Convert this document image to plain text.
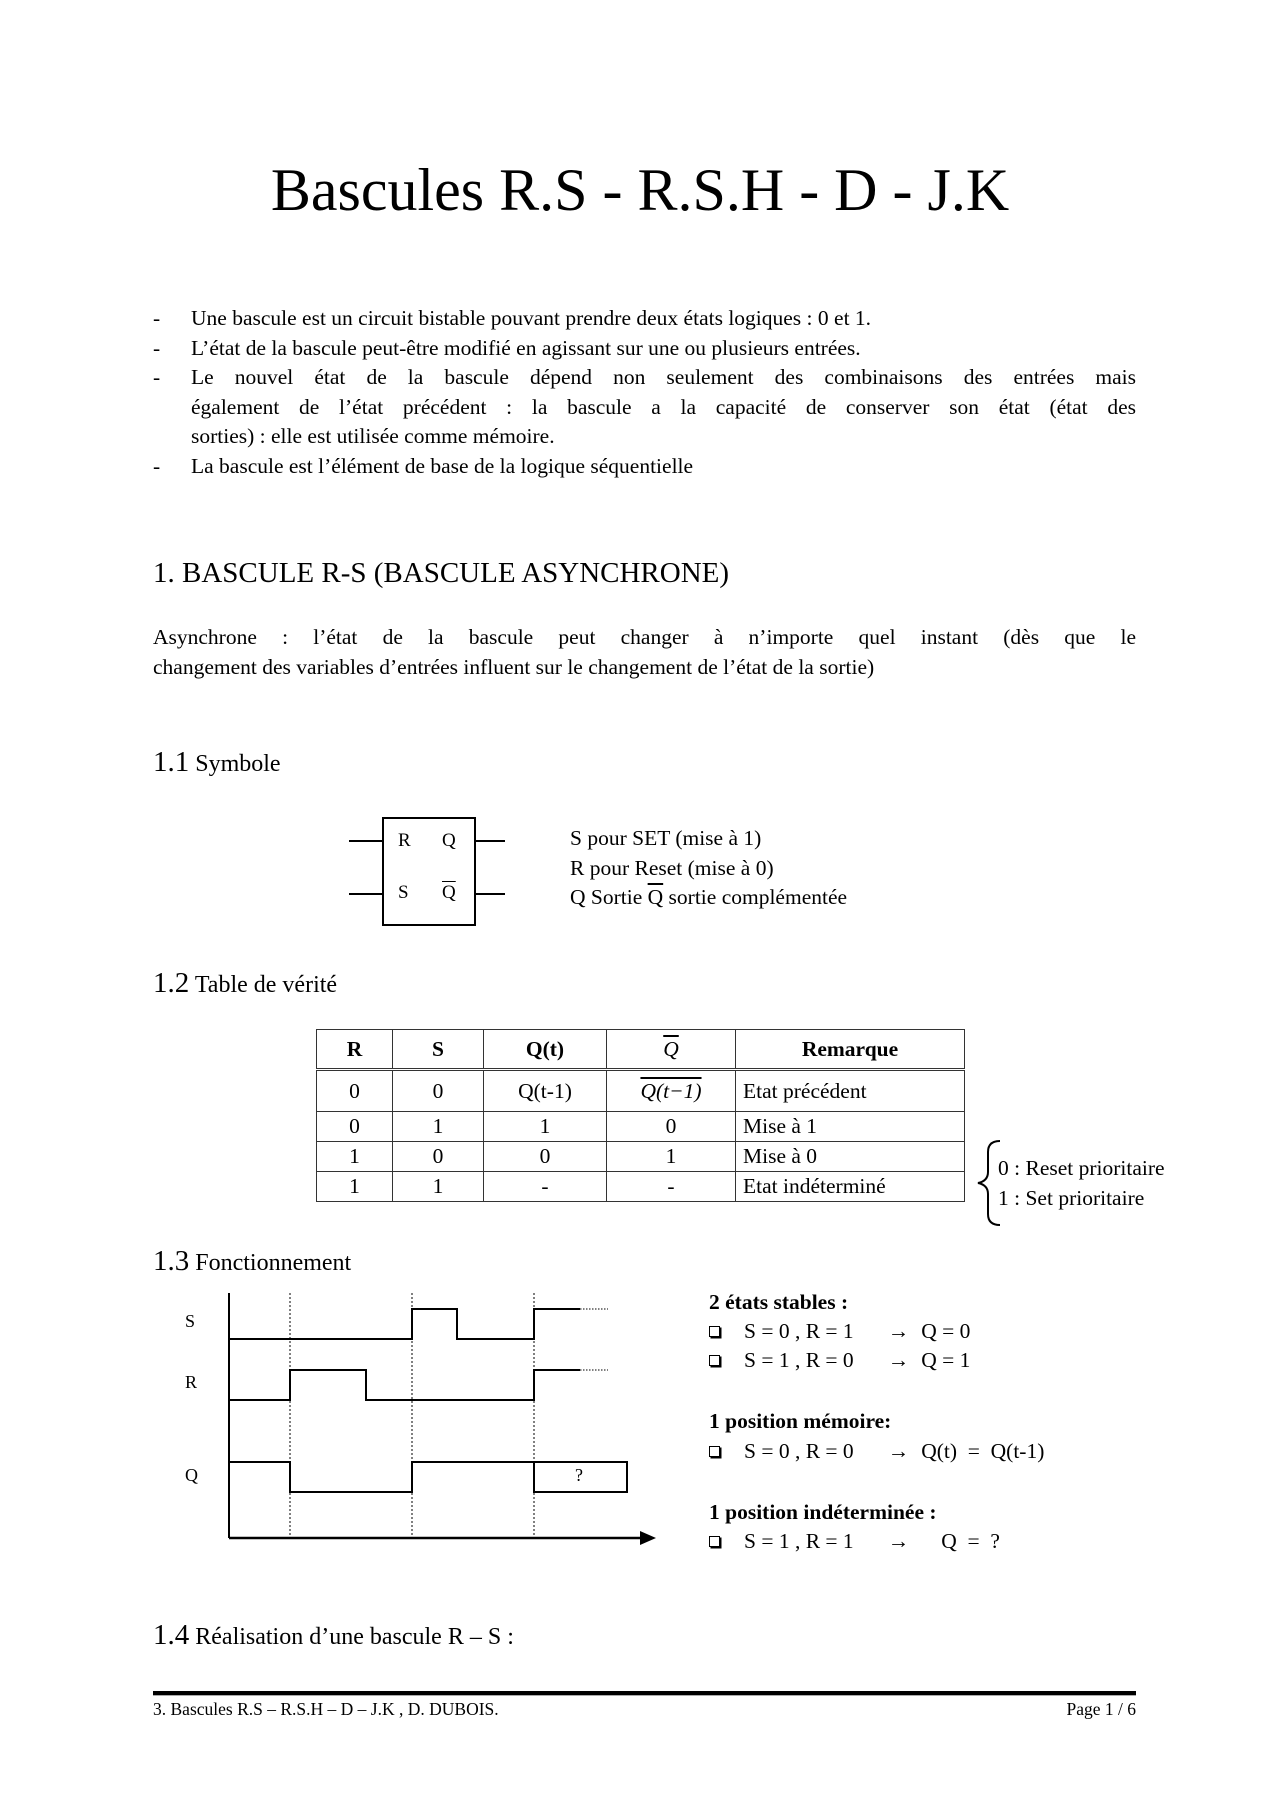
Bascules R.S - R.S.H - D - J.K
- Une bascule est un circuit bistable pouvant prendre deux états logiques : 0 et 1.
- L’état de la bascule peut-être modifié en agissant sur une ou plusieurs entrées.
- Le nouvel état de la bascule dépend non seulement des combinaisons des entrées mais
également de l’état précédent : la bascule a la capacité de conserver son état (état des
sorties) : elle est utilisée comme mémoire.
- La bascule est l’élément de base de la logique séquentielle
1. BASCULE R-S (BASCULE ASYNCHRONE)
Asynchrone : l’état de la bascule peut changer à n’importe quel instant (dès que le
changement des variables d’entrées influent sur le changement de l’état de la sortie)
1.1 Symbole
R
S
Q
$\overline{Q}$
S pour SET (mise à 1)
R pour Reset (mise à 0)
Q Sortie $\overline{Q}$ sortie complémentée
1.2 Table de vérité
R	S	Q(t)	$\overline{Q}$	Remarque
0	0	Q(t-1)	Q(t−1)	Etat précédent
0	1	1	0	Mise à 1
1	0	0	1	Mise à 0
1	1	-	-	Etat indéterminé
0 : Reset prioritaire
1 : Set prioritaire
1.3 Fonctionnement
S
R
Q	?
2 états stables :
S = 0 , R = 1 → Q = 0
S = 1 , R = 0 → Q = 1
1 position mémoire:
S = 0 , R = 0 → Q(t)  =  Q(t-1)
1 position indéterminée :
S = 1 , R = 1 → Q  =  ?
1.4 Réalisation d’une bascule R – S :
3. Bascules R.S – R.S.H – D – J.K , D. DUBOIS.	Page 1 / 6
